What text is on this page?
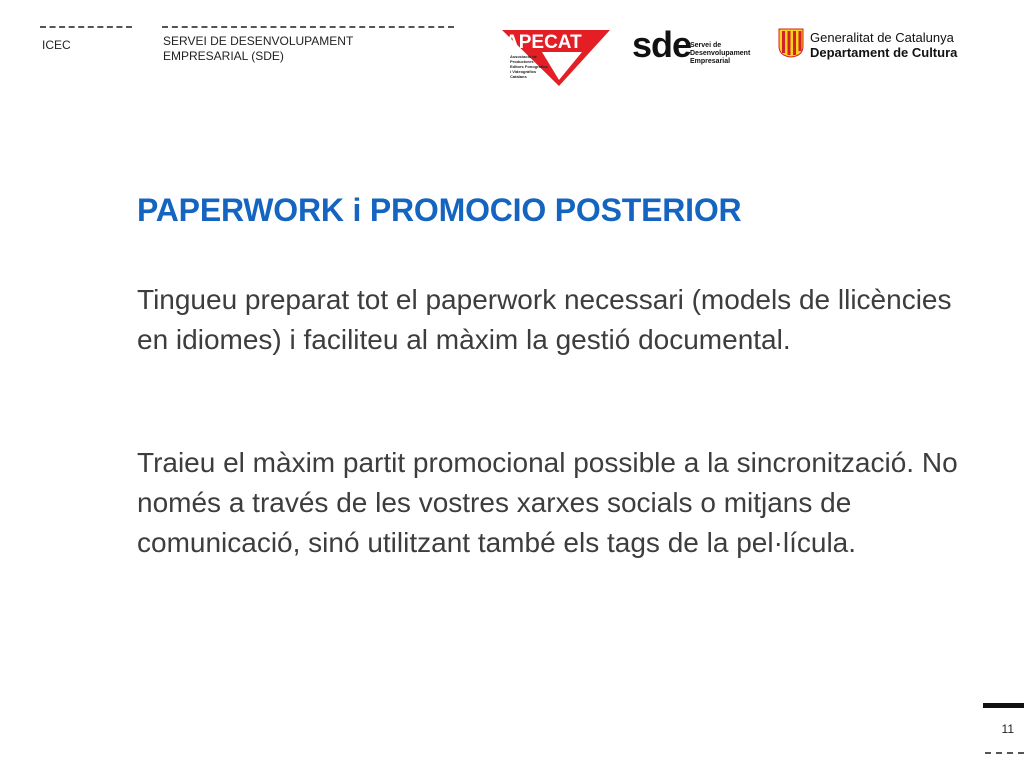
ICEC	SERVEI DE DESENVOLUPAMENT
EMPRESARIAL (SDE)
APECAT
Associació de
Productores
Editors Fonogràfics
i Videogràfics
Catalans
sde
Servei de
Desenvolupament
Empresarial
Generalitat de Catalunya
Departament de Cultura
PAPERWORK i PROMOCIO POSTERIOR

Tingueu preparat tot el paperwork necessari (models de llicències en idiomes) i faciliteu al màxim la gestió documental.

Traieu el màxim partit promocional possible a la sincronització. No només a través de les vostres xarxes socials o mitjans de comunicació, sinó utilitzant també els tags de la pel·lícula.

11
